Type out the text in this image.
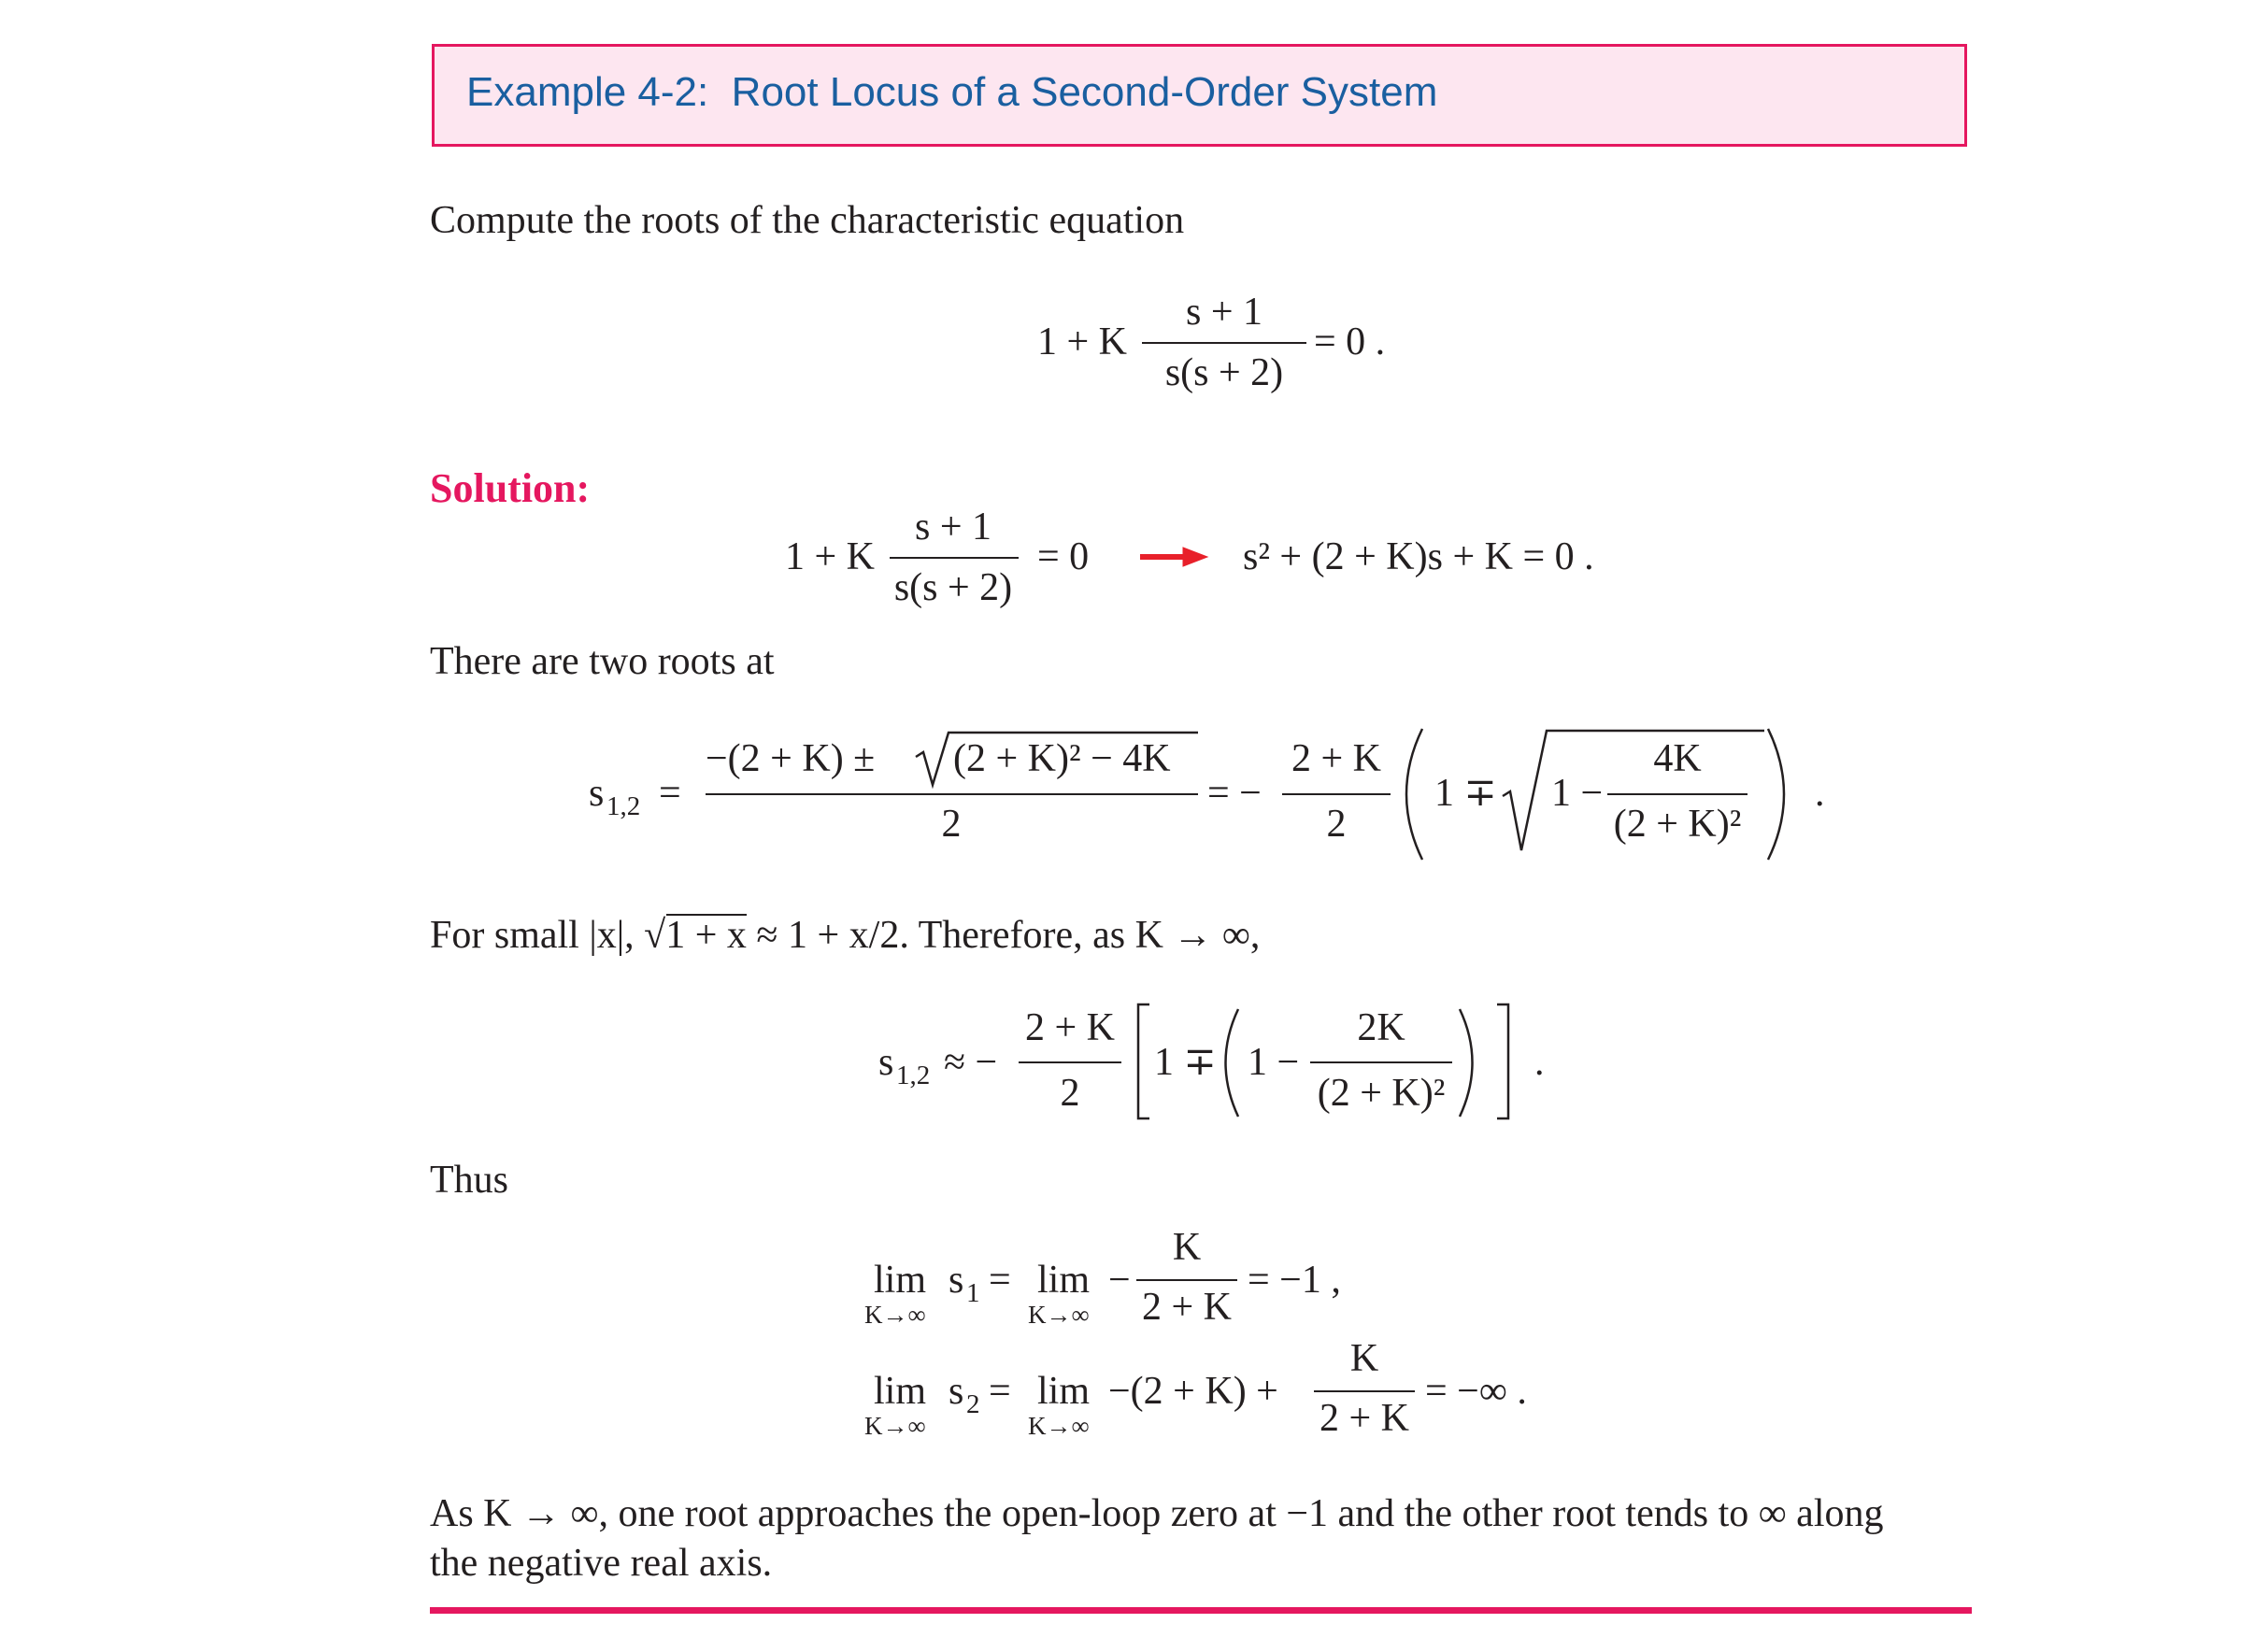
Example 4-2:  Root Locus of a Second-Order System
Compute the roots of the characteristic equation
1 + K
s + 1
s(s + 2)
= 0 .
Solution:
1 + K
s + 1
s(s + 2)
= 0	s² + (2 + K)s + K = 0 .
There are two roots at
s 1,2 =
−(2 + K) ± (2 + K)² − 4K
2
= −
2 + K
2
1 ∓ 1 −
4K
(2 + K)²
.
For small |x|, √
1 + x ≈ 1 + x/2. Therefore, as K → ∞,
s 1,2 ≈ −
2 + K
2
1 ∓ 1 −
2K
(2 + K)²
.
Thus
lim
K→∞
s 1 = lim
K→∞
−
K
2 + K
= −1 ,
lim
K→∞
s 2 = lim
K→∞
−(2 + K) +
K
2 + K
= −∞ .
As K → ∞, one root approaches the open-loop zero at −1 and the other root tends to ∞ along
the negative real axis.
